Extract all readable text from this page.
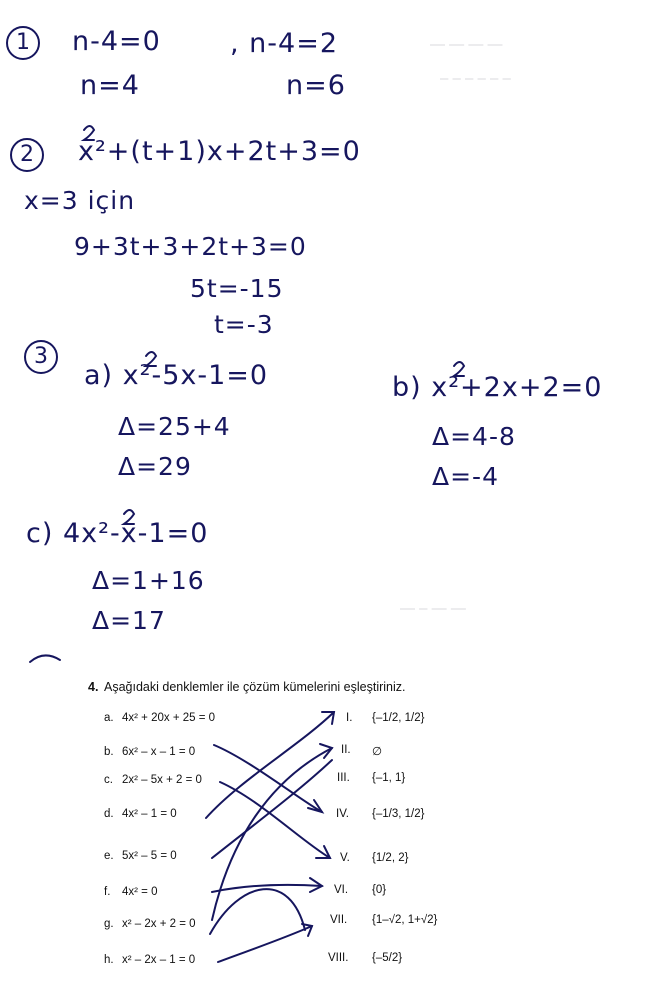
— — — —
– – – – – –
— – — —
1	n-4=0	, n-4=2
n=4	n=6
2	x²+(t+1)x+2t+3=0
x=3 için
9+3t+3+2t+3=0
5t=-15
t=-3
3
a) x²-5x-1=0
Δ=25+4
Δ=29
b) x²+2x+2=0
Δ=4-8
Δ=-4
c) 4x²-x-1=0
Δ=1+16
Δ=17
4. Aşağıdaki denklemler ile çözüm kümelerini eşleştiriniz.
a. 4x² + 20x + 25 = 0
b. 6x² – x – 1 = 0
c. 2x² – 5x + 2 = 0
d. 4x² – 1 = 0
e. 5x² – 5 = 0
f. 4x² = 0
g. x² – 2x + 2 = 0
h. x² – 2x – 1 = 0
I. {–1/2, 1/2}
II. ∅
III. {–1, 1}
IV. {–1/3, 1/2}
V. {1/2, 2}
VI. {0}
VII. {1–√2, 1+√2}
VIII. {–5/2}
